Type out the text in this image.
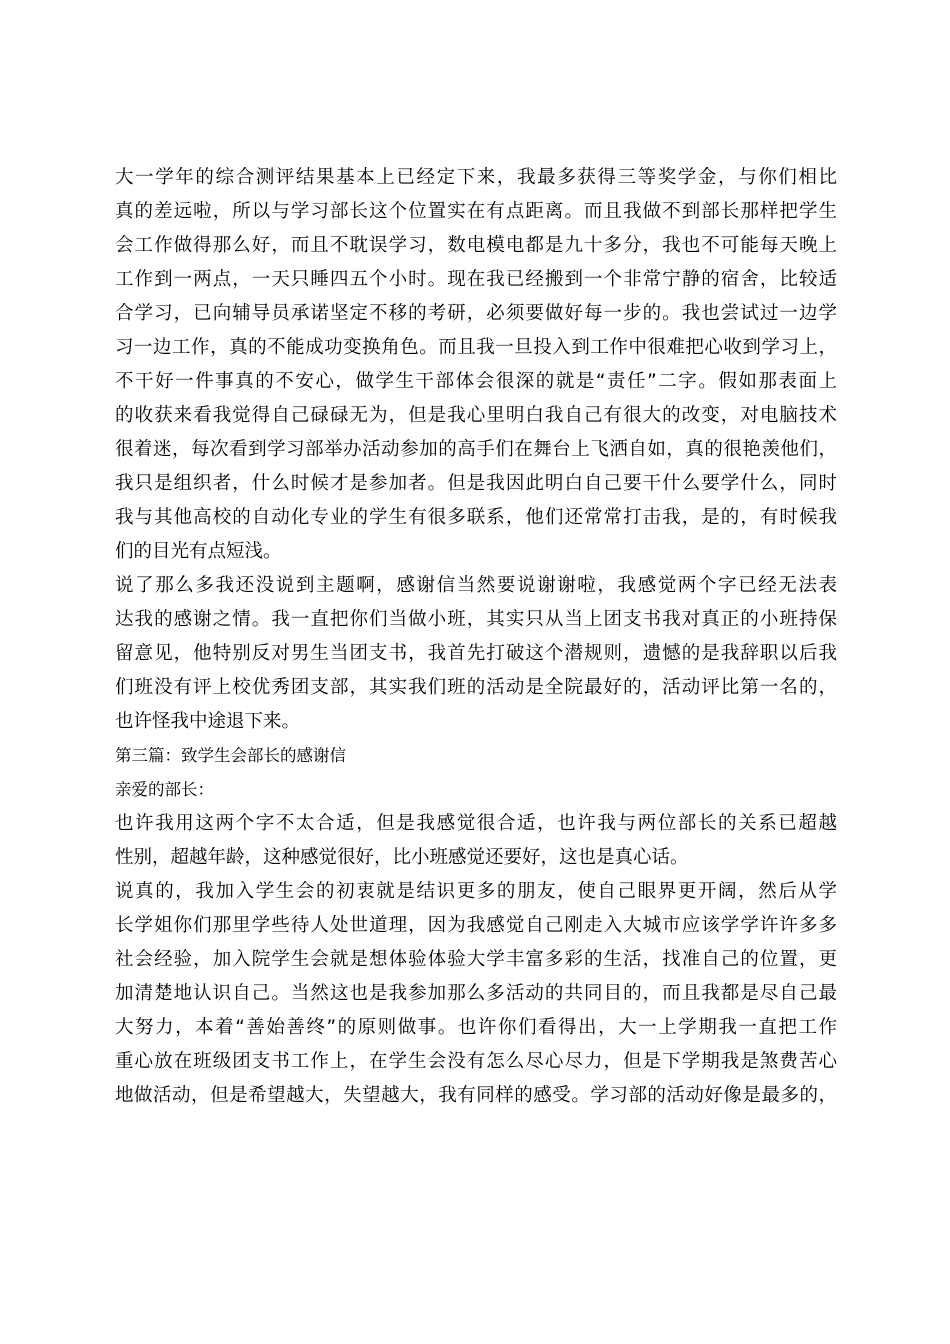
大一学年的综合测评结果基本上已经定下来，我最多获得三等奖学金，与你们相比
真的差远啦，所以与学习部长这个位置实在有点距离。而且我做不到部长那样把学生
会工作做得那么好，而且不耽误学习，数电模电都是九十多分，我也不可能每天晚上
工作到一两点，一天只睡四五个小时。现在我已经搬到一个非常宁静的宿舍，比较适
合学习，已向辅导员承诺坚定不移的考研，必须要做好每一步的。我也尝试过一边学
习一边工作，真的不能成功变换角色。而且我一旦投入到工作中很难把心收到学习上，
不干好一件事真的不安心，做学生干部体会很深的就是“责任”二字。假如那表面上
的收获来看我觉得自己碌碌无为，但是我心里明白我自己有很大的改变，对电脑技术
很着迷，每次看到学习部举办活动参加的高手们在舞台上飞洒自如，真的很艳羡他们，
我只是组织者，什么时候才是参加者。但是我因此明白自己要干什么要学什么，同时
我与其他高校的自动化专业的学生有很多联系，他们还常常打击我，是的，有时候我
们的目光有点短浅。
说了那么多我还没说到主题啊，感谢信当然要说谢谢啦，我感觉两个字已经无法表
达我的感谢之情。我一直把你们当做小班，其实只从当上团支书我对真正的小班持保
留意见，他特别反对男生当团支书，我首先打破这个潜规则，遗憾的是我辞职以后我
们班没有评上校优秀团支部，其实我们班的活动是全院最好的，活动评比第一名的，
也许怪我中途退下来。
第三篇：致学生会部长的感谢信
亲爱的部长：
也许我用这两个字不太合适，但是我感觉很合适，也许我与两位部长的关系已超越
性别，超越年龄，这种感觉很好，比小班感觉还要好，这也是真心话。
说真的，我加入学生会的初衷就是结识更多的朋友，使自己眼界更开阔，然后从学
长学姐你们那里学些待人处世道理，因为我感觉自己刚走入大城市应该学学许许多多
社会经验，加入院学生会就是想体验体验大学丰富多彩的生活，找准自己的位置，更
加清楚地认识自己。当然这也是我参加那么多活动的共同目的，而且我都是尽自己最
大努力，本着“善始善终”的原则做事。也许你们看得出，大一上学期我一直把工作
重心放在班级团支书工作上，在学生会没有怎么尽心尽力，但是下学期我是煞费苦心
地做活动，但是希望越大，失望越大，我有同样的感受。学习部的活动好像是最多的，
